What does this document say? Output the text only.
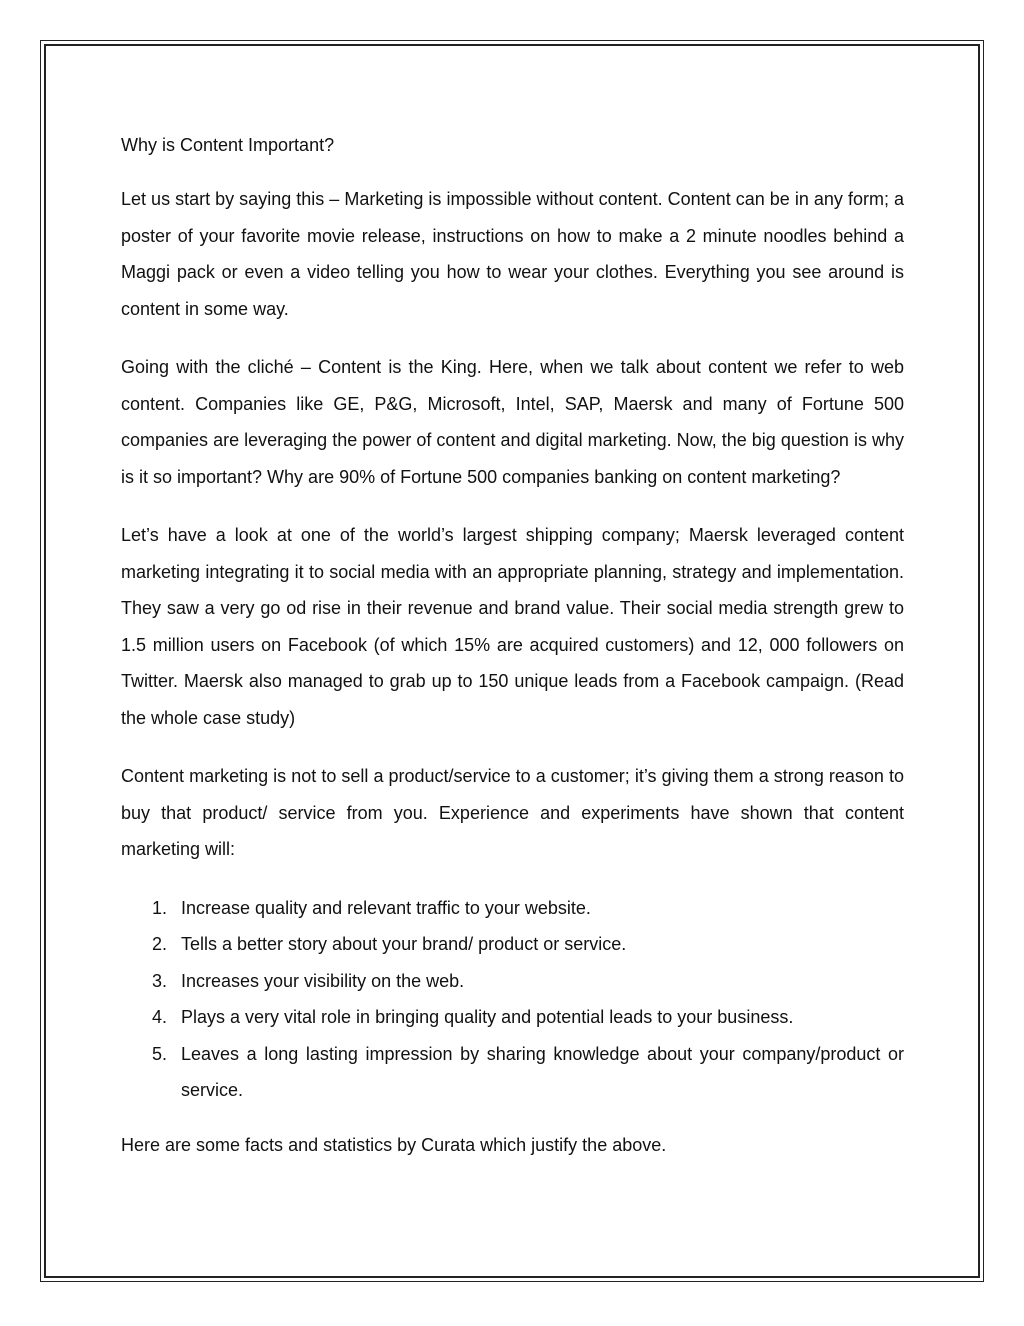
Why is Content Important?

Let us start by saying this – Marketing is impossible without content. Content can be in any form; a poster of your favorite movie release, instructions on how to make a 2 minute noodles behind a Maggi pack or even a video telling you how to wear your clothes. Everything you see around is content in some way.

Going with the cliché – Content is the King. Here, when we talk about content we refer to web content. Companies like GE, P&G, Microsoft, Intel, SAP, Maersk and many of Fortune 500 companies are leveraging the power of content and digital marketing. Now, the big question is why is it so important? Why are 90% of Fortune 500 companies banking on content marketing?

Let’s have a look at one of the world’s largest shipping company; Maersk leveraged content marketing integrating it to social media with an appropriate planning, strategy and implementation. They saw a very go od rise in their revenue and brand value. Their social media strength grew to 1.5 million users on Facebook (of which 15% are acquired customers) and 12, 000 followers on Twitter. Maersk also managed to grab up to 150 unique leads from a Facebook campaign. (Read the whole case study)

Content marketing is not to sell a product/service to a customer; it’s giving them a strong reason to buy that product/ service from you. Experience and experiments have shown that content marketing will:

1. Increase quality and relevant traffic to your website.
2. Tells a better story about your brand/ product or service.
3. Increases your visibility on the web.
4. Plays a very vital role in bringing quality and potential leads to your business.
5. Leaves a long lasting impression by sharing knowledge about your company/product or service.

Here are some facts and statistics by Curata which justify the above.
